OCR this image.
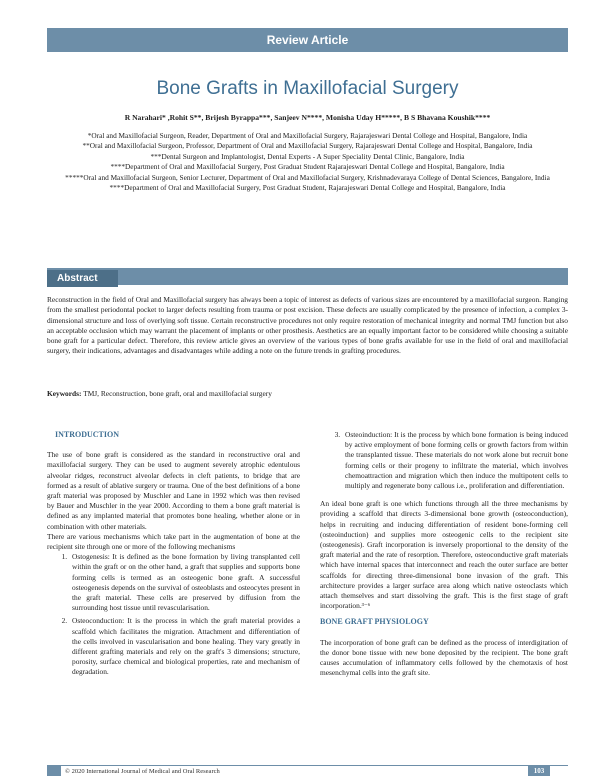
Review Article
Bone Grafts in Maxillofacial Surgery
R Narahari* ,Rohit S**, Brijesh Byrappa***, Sanjeev N****, Monisha Uday H*****, B S Bhavana Koushik****
*Oral and Maxillofacial Surgeon, Reader, Department of Oral and Maxillofacial Surgery, Rajarajeswari Dental College and Hospital, Bangalore, India
**Oral and Maxillofacial Surgeon, Professor, Department of Oral and Maxillofacial Surgery, Rajarajeswari Dental College and Hospital, Bangalore, India
***Dental Surgeon and Implantologist, Dental Experts - A Super Speciality Dental Clinic, Bangalore, India
****Department of Oral and Maxillofacial Surgery, Post Graduat Student Rajarajeswari Dental College and Hospital, Bangalore, India
*****Oral and Maxillofacial Surgeon, Senior Lecturer, Department of Oral and Maxillofacial Surgery, Krishnadevaraya College of Dental Sciences, Bangalore, India
****Department of Oral and Maxillofacial Surgery, Post Graduat Student, Rajarajeswari Dental College and Hospital, Bangalore, India
Abstract
Reconstruction in the field of Oral and Maxillofacial surgery has always been a topic of interest as defects of various sizes are encountered by a maxillofacial surgeon. Ranging from the smallest periodontal pocket to larger defects resulting from trauma or post excision. These defects are usually complicated by the presence of infection, a complex 3-dimensional structure and loss of overlying soft tissue. Certain reconstructive procedures not only require restoration of mechanical integrity and normal TMJ function but also an acceptable occlusion which may warrant the placement of implants or other prosthesis. Aesthetics are an equally important factor to be considered while choosing a suitable bone graft for a particular defect. Therefore, this review article gives an overview of the various types of bone grafts available for use in the field of oral and maxillofacial surgery, their indications, advantages and disadvantages while adding a note on the future trends in grafting procedures.
Keywords: TMJ, Reconstruction, bone graft, oral and maxillofacial surgery
INTRODUCTION

The use of bone graft is considered as the standard in reconstructive oral and maxillofacial surgery. They can be used to augment severely atrophic edentulous alveolar ridges, reconstruct alveolar defects in cleft patients, to bridge that are formed as a result of ablative surgery or trauma. One of the best definitions of a bone graft material was proposed by Muschler and Lane in 1992 which was then revised by Bauer and Muschler in the year 2000. According to them a bone graft material is defined as any implanted material that promotes bone healing, whether alone or in combination with other materials.

There are various mechanisms which take part in the augmentation of bone at the recipient site through one or more of the following mechanisms

1. Ostogenesis: It is defined as the bone formation by living transplanted cell within the graft or on the other hand, a graft that supplies and supports bone forming cells is termed as an osteogenic bone graft. A successful osteogenesis depends on the survival of osteoblasts and osteocytes present in the graft material. These cells are preserved by diffusion from the surrounding host tissue until revascularisation.
2. Osteoconduction: It is the process in which the graft material provides a scaffold which facilitates the migration. Attachment and differentiation of the cells involved in vascularisation and bone healing. They vary greatly in different grafting materials and rely on the graft's 3 dimensions; structure, porosity, surface chemical and biological properties, rate and mechanism of degradation.
3. Osteoinduction: It is the process by which bone formation is being induced by active employment of bone forming cells or growth factors from within the transplanted tissue. These materials do not work alone but recruit bone forming cells or their progeny to infiltrate the material, which involves chemoattraction and migration which then induce the multipotent cells to multiply and regenerate bony callous i.e., proliferation and differentiation.

An ideal bone graft is one which functions through all the three mechanisms by providing a scaffold that directs 3-dimensional bone growth (osteoconduction), helps in recruiting and inducing differentiation of resident bone-forming cell (osteoinduction) and supplies more osteogenic cells to the recipient site (osteogenesis). Graft incorporation is inversely proportional to the density of the graft material and the rate of resorption. Therefore, osteoconductive graft materials which have internal spaces that interconnect and reach the outer surface are better scaffolds for directing three-dimensional bone invasion of the graft. This architecture provides a larger surface area along which native osteoclasts which attach themselves and start dissolving the graft. This is the first stage of graft incorporation.³⁻⁶

BONE GRAFT PHYSIOLOGY

The incorporation of bone graft can be defined as the process of interdigitation of the donor bone tissue with new bone deposited by the recipient. The bone graft causes accumulation of inflammatory cells followed by the chemotaxis of host mesenchymal cells into the graft site.

© 2020 International Journal of Medical and Oral Research	103
